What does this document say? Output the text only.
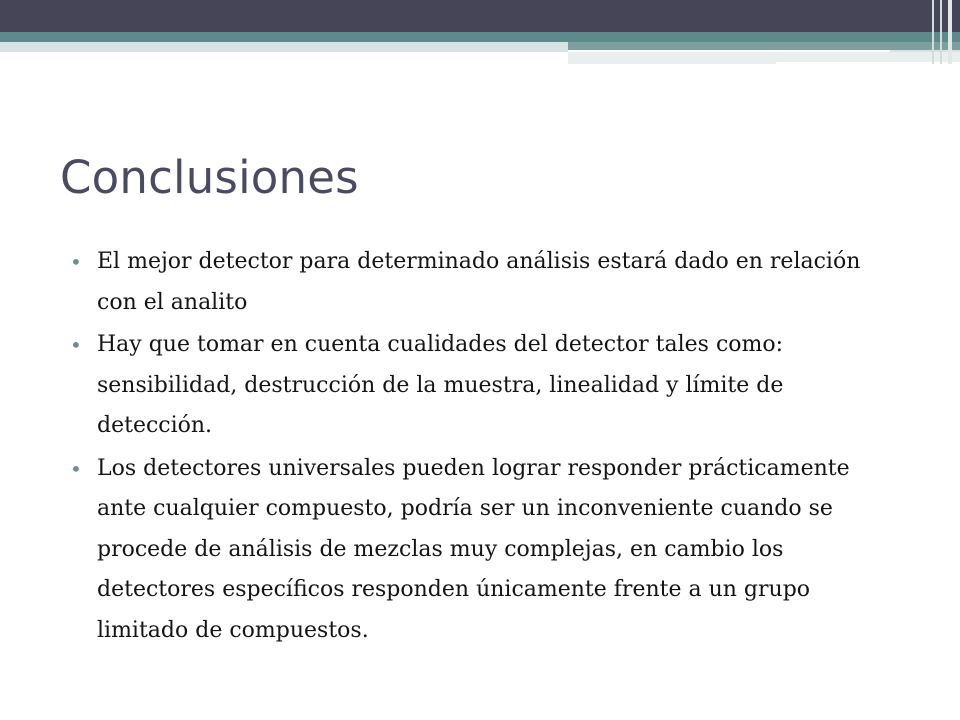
Conclusiones
• El mejor detector para determinado análisis estará dado en relación con el analito
• Hay que tomar en cuenta cualidades del detector tales como: sensibilidad, destrucción de la muestra, linealidad y límite de detección.
• Los detectores universales pueden lograr responder prácticamente ante cualquier compuesto, podría ser un inconveniente cuando se procede de análisis de mezclas muy complejas, en cambio los detectores específicos responden únicamente frente a un grupo limitado de compuestos.
